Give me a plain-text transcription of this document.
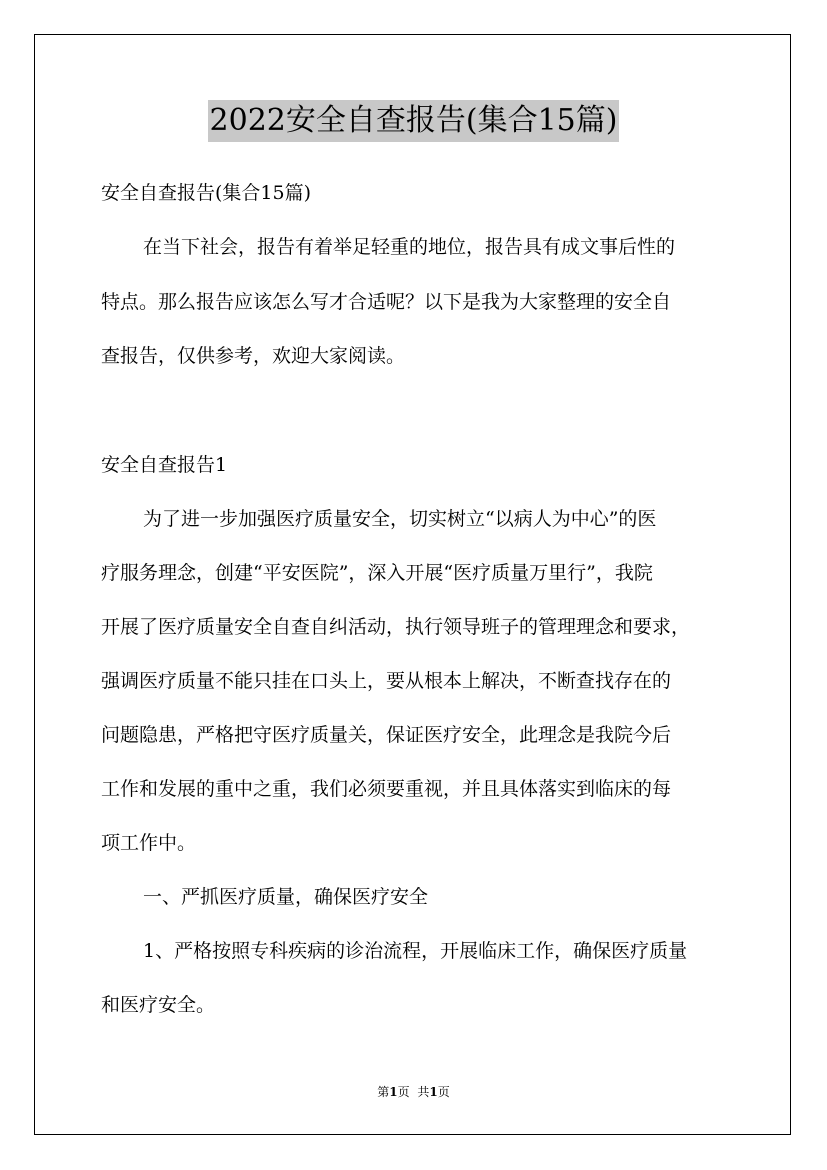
2022安全自查报告(集合15篇)
安全自查报告(集合15篇)
在当下社会，报告有着举足轻重的地位，报告具有成文事后性的
特点。那么报告应该怎么写才合适呢？以下是我为大家整理的安全自
查报告，仅供参考，欢迎大家阅读。
安全自查报告1
为了进一步加强医疗质量安全，切实树立“以病人为中心”的医
疗服务理念，创建“平安医院”，深入开展“医疗质量万里行”，我院
开展了医疗质量安全自查自纠活动，执行领导班子的管理理念和要求，
强调医疗质量不能只挂在口头上，要从根本上解决，不断查找存在的
问题隐患，严格把守医疗质量关，保证医疗安全，此理念是我院今后
工作和发展的重中之重，我们必须要重视，并且具体落实到临床的每
项工作中。
一、严抓医疗质量，确保医疗安全
1、严格按照专科疾病的诊治流程，开展临床工作，确保医疗质量
和医疗安全。
第1页 共1页
